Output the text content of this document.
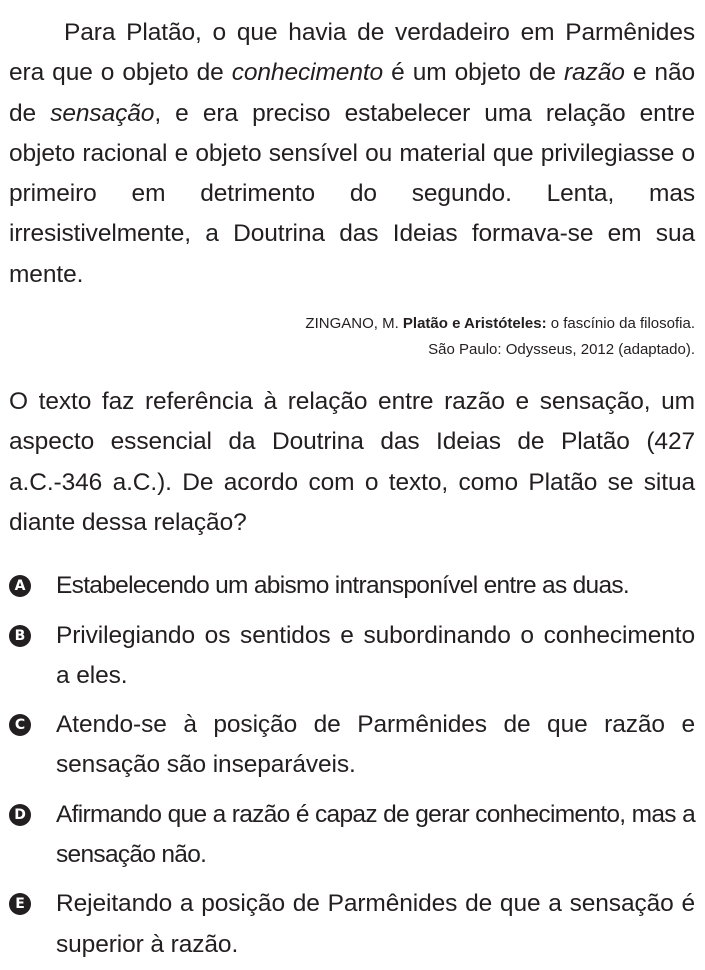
Para Platão, o que havia de verdadeiro em Parmênides era que o objeto de conhecimento é um objeto de razão e não de sensação, e era preciso estabelecer uma relação entre objeto racional e objeto sensível ou material que privilegiasse o primeiro em detrimento do segundo. Lenta, mas irresistivelmente, a Doutrina das Ideias formava-se em sua mente.

ZINGANO, M. Platão e Aristóteles: o fascínio da filosofia.
São Paulo: Odysseus, 2012 (adaptado).

O texto faz referência à relação entre razão e sensação, um aspecto essencial da Doutrina das Ideias de Platão (427 a.C.-346 a.C.). De acordo com o texto, como Platão se situa diante dessa relação?

A Estabelecendo um abismo intransponível entre as duas.
B Privilegiando os sentidos e subordinando o conhecimento a eles.
C Atendo-se à posição de Parmênides de que razão e sensação são inseparáveis.
D Afirmando que a razão é capaz de gerar conhecimento, mas a sensação não.
E Rejeitando a posição de Parmênides de que a sensação é superior à razão.
